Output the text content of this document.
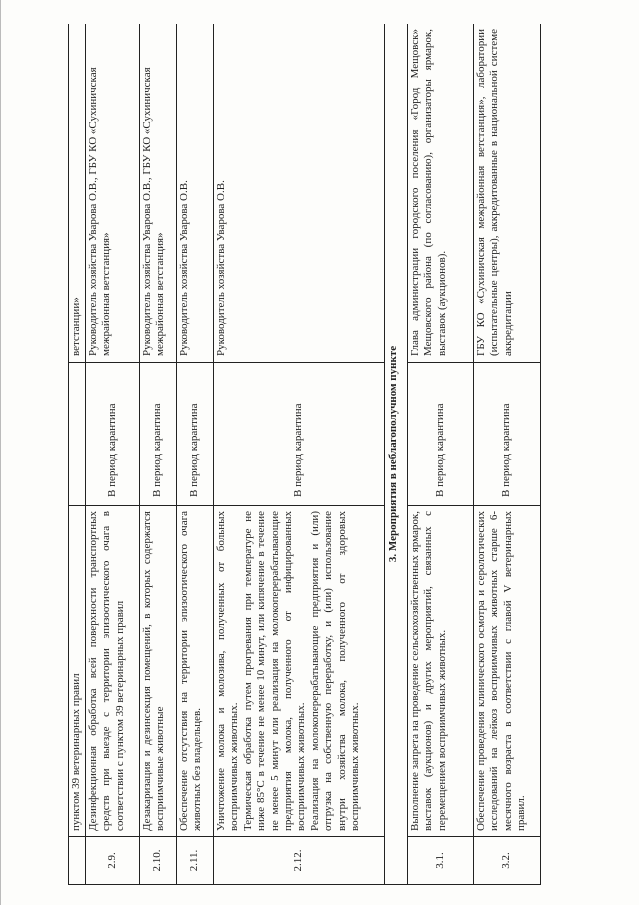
	пунктом 39 ветеринарных правил		ветстанции»
2.9.	Дезинфекционная обработка всей поверхности транспортных средств при выезде с территории эпизоотического очага в соответствии с пунктом 39 ветеринарных правил	В период карантина	Руководитель хозяйства Уварова О.В., ГБУ КО «Сухиничская межрайонная ветстанция»
2.10.	Дезакаризация и дезинсекция помещений, в которых содержатся восприимчивые животные	В период карантина	Руководитель хозяйства Уварова О.В., ГБУ КО «Сухиничская межрайонная ветстанция»
2.11.	Обеспечение отсутствия на территории эпизоотического очага животных без владельцев.	В период карантина	Руководитель хозяйства Уварова О.В.
2.12.	Уничтожение молока и молозива, полученных от больных восприимчивых животных. Термическая обработка путем прогревания при температуре не ниже 85°С в течение не менее 10 минут, или кипячение в течение не менее 5 минут или реализация на молокоперерабатывающие предприятия молока, полученного от инфицированных восприимчивых животных. Реализация на молокоперерабатывающие предприятия и (или) отгрузка на собственную переработку, и (или) использование внутри хозяйства молока, полученного от здоровых восприимчивых животных.	В период карантина	Руководитель хозяйства Уварова О.В.
3. Мероприятия в неблагополучном пункте			
3.1.	Выполнение запрета на проведение сельскохозяйственных ярмарок, выставок (аукционов) и других мероприятий, связанных с перемещением восприимчивых животных.	В период карантина	Глава администрации городского поселения «Город Мещовск» Мещовского района (по согласованию), организаторы ярмарок, выставок (аукционов).
3.2.	Обеспечение проведения клинического осмотра и серологических исследований на лейкоз восприимчивых животных старше 6-месячного возраста в соответствии с главой V ветеринарных правил.	В период карантина	ГБУ КО «Сухиничская межрайонная ветстанция», лаборатории (испытательные центры), аккредитованные в национальной системе аккредитации
